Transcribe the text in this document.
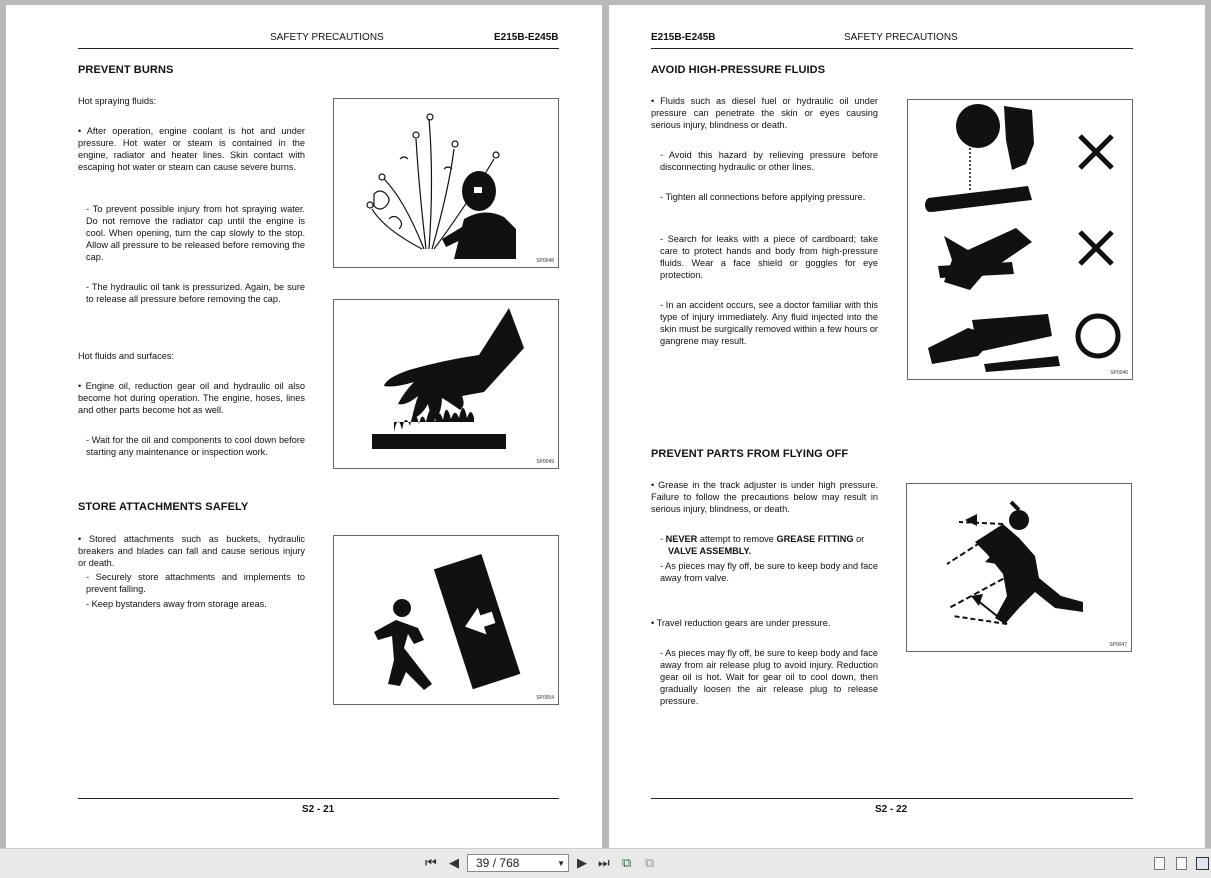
SAFETY PRECAUTIONS	E215B-E245B
PREVENT BURNS
Hot spraying fluids:
• After operation, engine coolant is hot and under pressure. Hot water or steam is contained in the engine, radiator and heater lines. Skin contact with escaping hot water or steam can cause severe burns.
- To prevent possible injury from hot spraying water. Do not remove the radiator cap until the engine is cool. When opening, turn the cap slowly to the stop. Allow all pressure to be released before removing the cap.
- The hydraulic oil tank is pressurized. Again, be sure to release all pressure before removing the cap.
Hot fluids and surfaces:
• Engine oil, reduction gear oil and hydraulic oil also become hot during operation. The engine, hoses, lines and other parts become hot as well.
- Wait for the oil and components to cool down before starting any maintenance or inspection work.
STORE ATTACHMENTS SAFELY
• Stored attachments such as buckets, hydraulic breakers and blades can fall and cause serious injury or death.
- Securely store attachments and implements to prevent falling.
- Keep bystanders away from storage areas.
SP0048
SP0049
SP0054
S2 - 21
E215B-E245B	SAFETY PRECAUTIONS
AVOID HIGH-PRESSURE FLUIDS
• Fluids such as diesel fuel or hydraulic oil under pressure can penetrate the skin or eyes causing serious injury, blindness or death.
- Avoid this hazard by relieving pressure before disconnecting hydraulic or other lines.
- Tighten all connections before applying pressure.
- Search for leaks with a piece of cardboard; take care to protect hands and body from high-pressure fluids. Wear a face shield or goggles for eye protection.
- In an accident occurs, see a doctor familiar with this type of injury immediately. Any fluid injected into the skin must be surgically removed within a few hours or gangrene may result.
PREVENT PARTS FROM FLYING OFF
• Grease in the track adjuster is under high pressure. Failure to follow the precautions below may result in serious injury, blindness, or death.
- NEVER attempt to remove GREASE FITTING or
VALVE ASSEMBLY.
- As pieces may fly off, be sure to keep body and face away from valve.
• Travel reduction gears are under pressure.
- As pieces may fly off, be sure to keep body and face away from air release plug to avoid injury. Reduction gear oil is hot. Wait for gear oil to cool down, then gradually loosen the air release plug to release pressure.
SP0046
SP0047
S2 - 22
⏮ ◀	39 / 768	▼ ▶ ⏭ ⧉ ⧉
